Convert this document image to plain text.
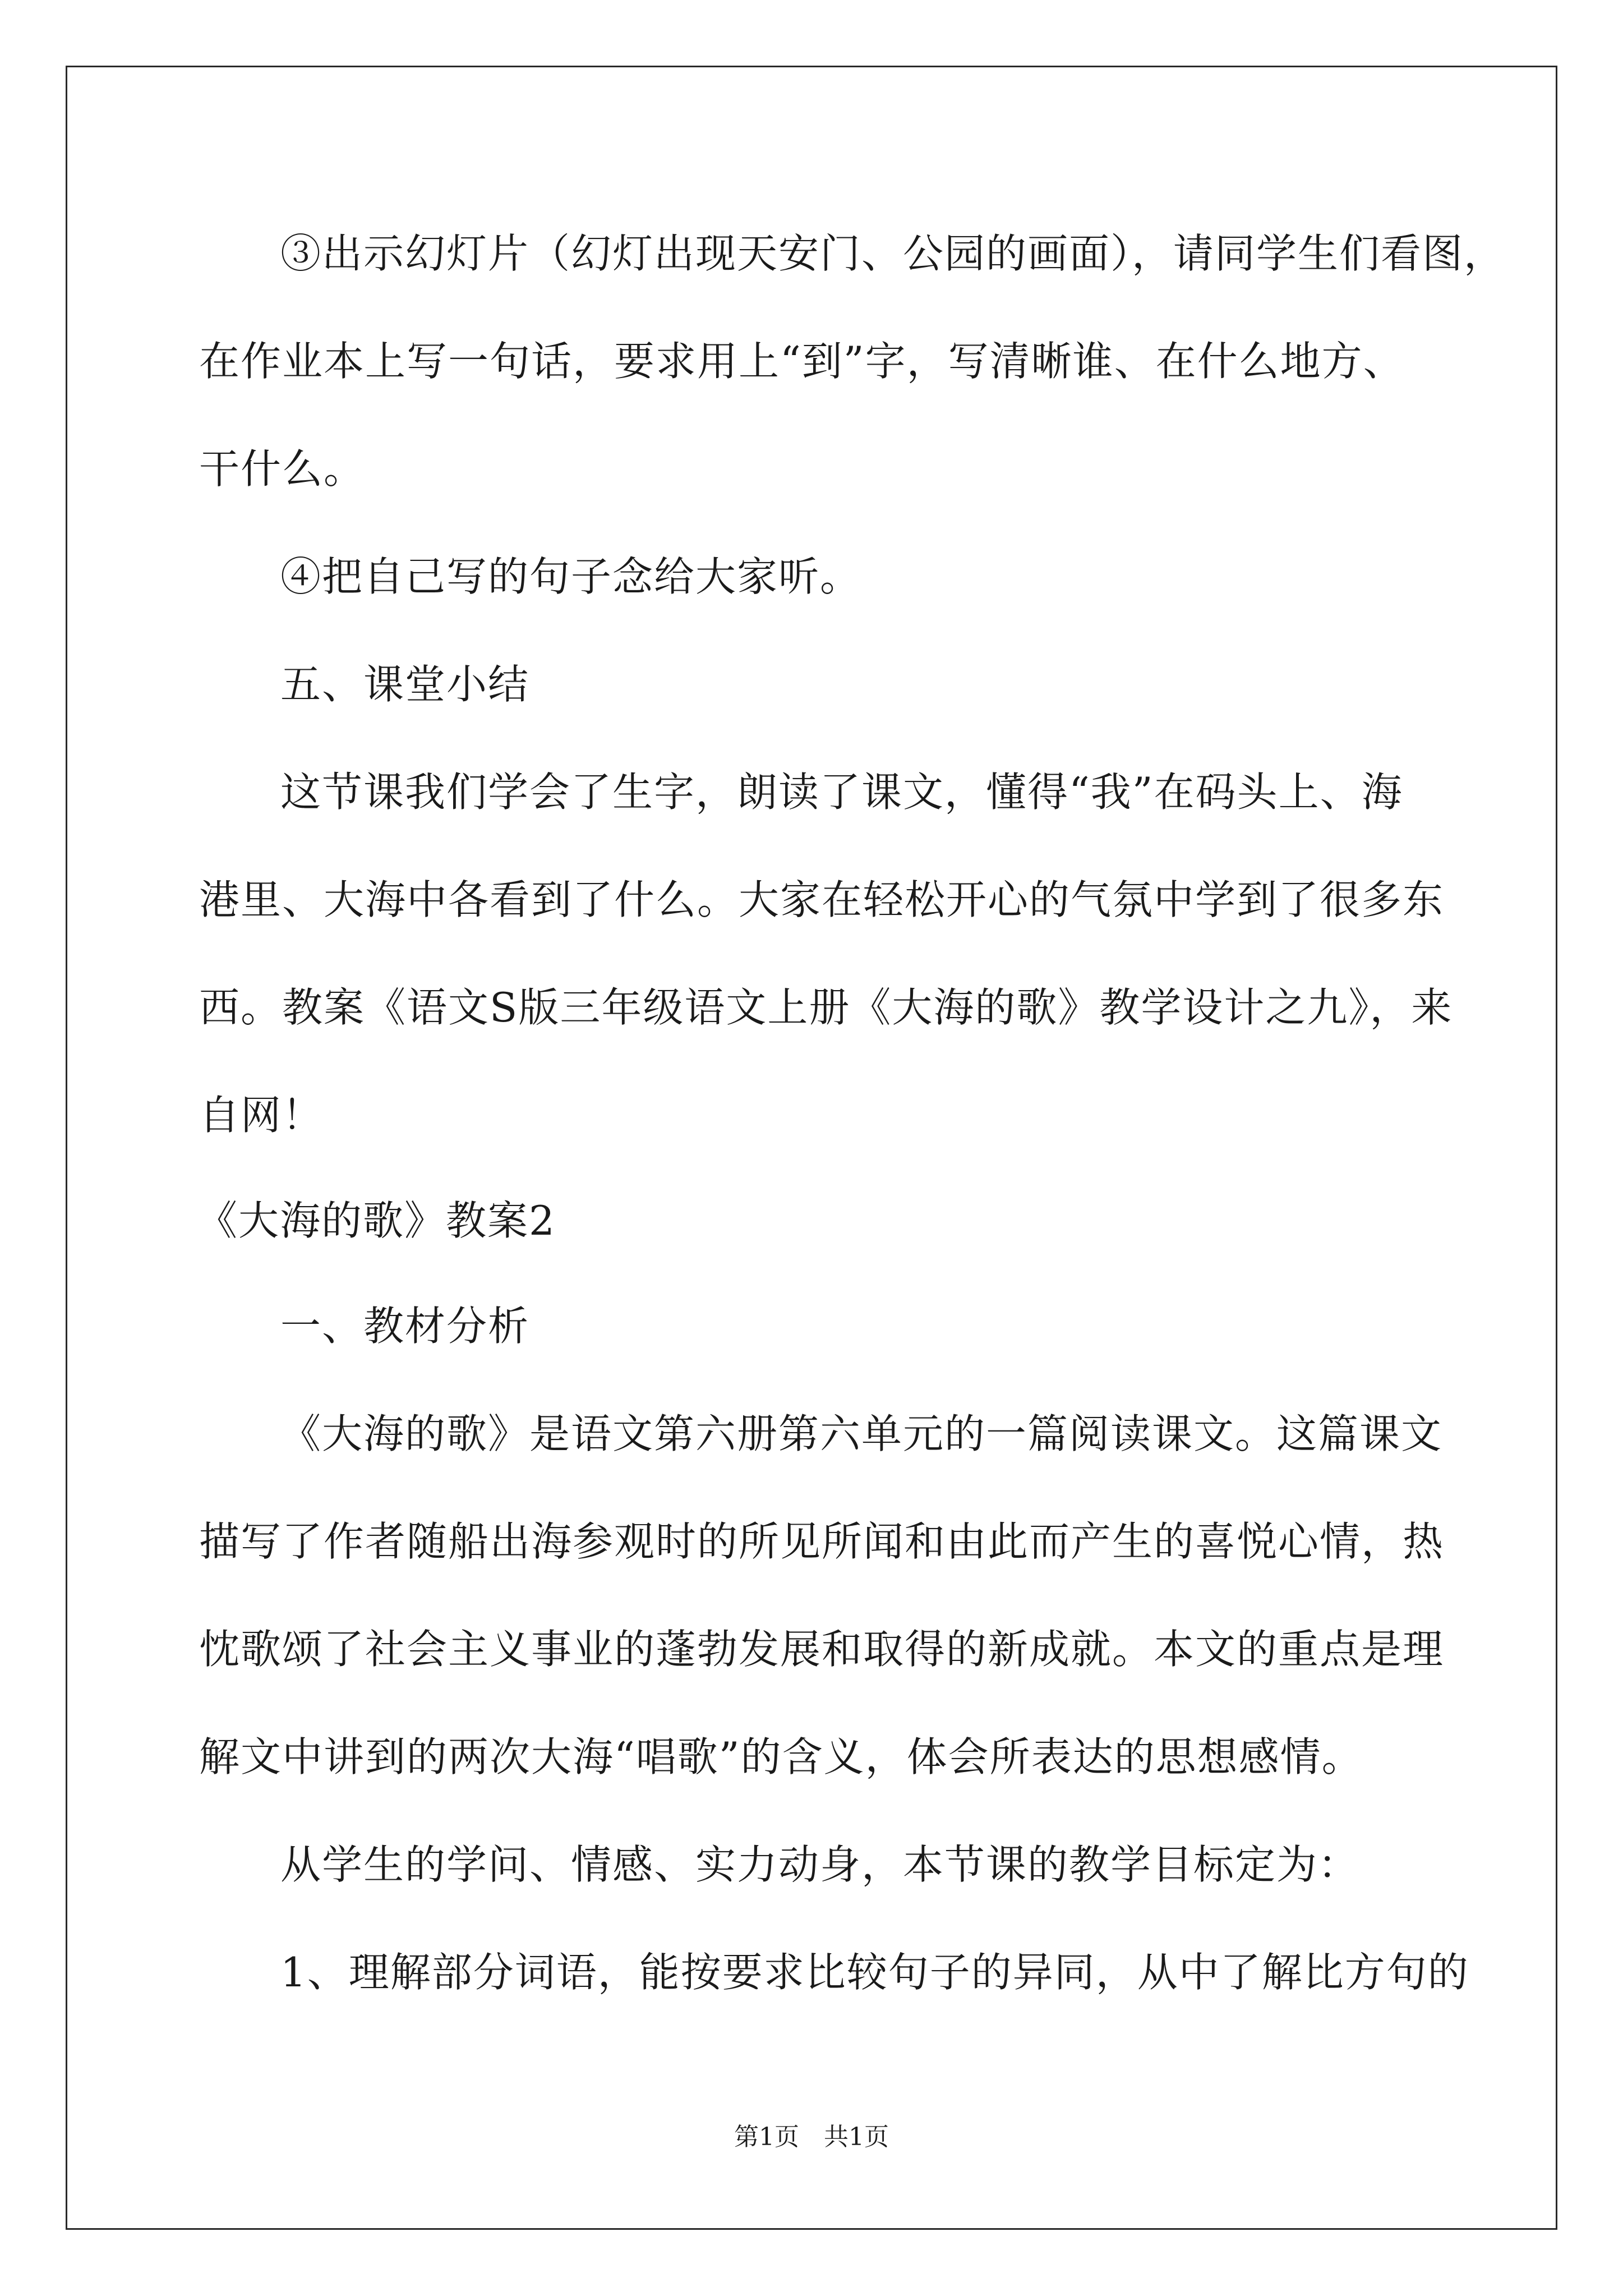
③出示幻灯片（幻灯出现天安门、公园的画面），请同学生们看图，
在作业本上写一句话，要求用上“到”字，写清晰谁、在什么地方、
干什么。
④把自己写的句子念给大家听。
五、课堂小结
这节课我们学会了生字，朗读了课文，懂得“我”在码头上、海
港里、大海中各看到了什么。大家在轻松开心的气氛中学到了很多东
西。教案《语文S版三年级语文上册《大海的歌》教学设计之九》，来
自网！
《大海的歌》教案2
一、教材分析
《大海的歌》是语文第六册第六单元的一篇阅读课文。这篇课文
描写了作者随船出海参观时的所见所闻和由此而产生的喜悦心情，热
忱歌颂了社会主义事业的蓬勃发展和取得的新成就。本文的重点是理
解文中讲到的两次大海“唱歌”的含义，体会所表达的思想感情。
从学生的学问、情感、实力动身，本节课的教学目标定为：
1、理解部分词语，能按要求比较句子的异同，从中了解比方句的
第1页　共1页
